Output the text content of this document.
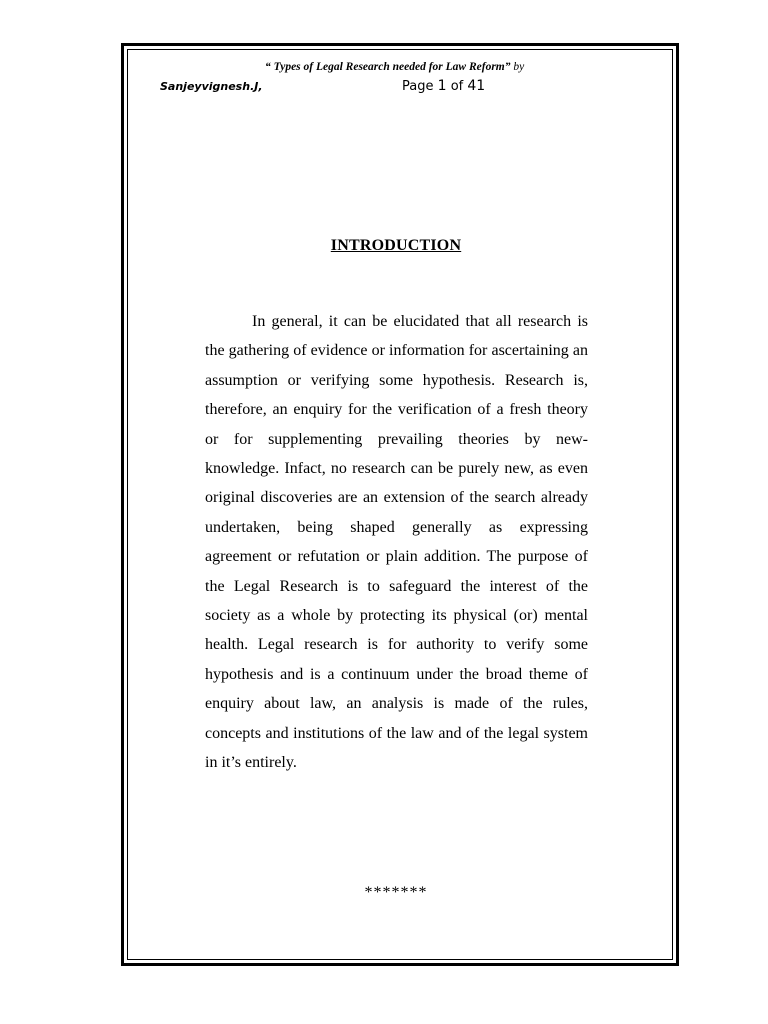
“ Types of Legal Research needed for Law Reform” by
Sanjeyvignesh.J,	Page 1 of 41
INTRODUCTION

In general, it can be elucidated that all research is the gathering of evidence or information for ascertaining an assumption or verifying some hypothesis. Research is, therefore, an enquiry for the verification of a fresh theory or for supplementing prevailing theories by new-knowledge. Infact, no research can be purely new, as even original discoveries are an extension of the search already undertaken, being shaped generally as expressing agreement or refutation or plain addition. The purpose of the Legal Research is to safeguard the interest of the society as a whole by protecting its physical (or) mental health. Legal research is for authority to verify some hypothesis and is a continuum under the broad theme of enquiry about law, an analysis is made of the rules, concepts and institutions of the law and of the legal system in it’s entirely.

*******
